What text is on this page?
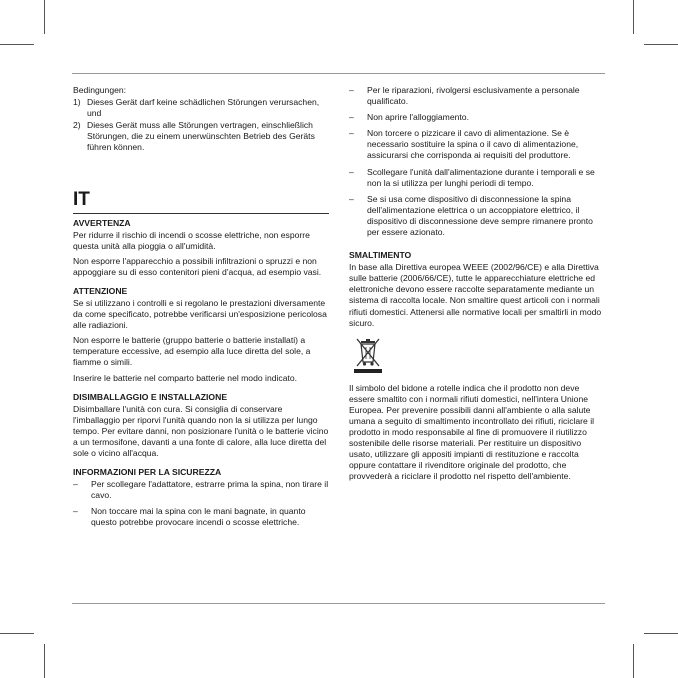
Bedingungen:

1) Dieses Gerät darf keine schädlichen Störungen verursachen, und
2) Dieses Gerät muss alle Störungen vertragen, einschließlich Störungen, die zu einem unerwünschten Betrieb des Geräts führen können.
IT
AVVERTENZA

Per ridurre il rischio di incendi o scosse elettriche, non esporre questa unità alla pioggia o all'umidità.

Non esporre l'apparecchio a possibili infiltrazioni o spruzzi e non appoggiare su di esso contenitori pieni d'acqua, ad esempio vasi.

ATTENZIONE

Se si utilizzano i controlli e si regolano le prestazioni diversamente da come specificato, potrebbe verificarsi un'esposizione pericolosa alle radiazioni.

Non esporre le batterie (gruppo batterie o batterie installati) a temperature eccessive, ad esempio alla luce diretta del sole, a fiamme o simili.

Inserire le batterie nel comparto batterie nel modo indicato.

DISIMBALLAGGIO E INSTALLAZIONE

Disimballare l'unità con cura. Si consiglia di conservare l'imballaggio per riporvi l'unità quando non la si utilizza per lungo tempo. Per evitare danni, non posizionare l'unità o le batterie vicino a un termosifone, davanti a una fonte di calore, alla luce diretta del sole o vicino all'acqua.

INFORMAZIONI PER LA SICUREZZA
–	Per scollegare l'adattatore, estrarre prima la spina, non tirare il cavo.
–	Non toccare mai la spina con le mani bagnate, in quanto questo potrebbe provocare incendi o scosse elettriche.
–	Per le riparazioni, rivolgersi esclusivamente a personale qualificato.
–	Non aprire l'alloggiamento.
–	Non torcere o pizzicare il cavo di alimentazione. Se è necessario sostituire la spina o il cavo di alimentazione, assicurarsi che corrisponda ai requisiti del produttore.
–	Scollegare l'unità dall'alimentazione durante i temporali e se non la si utilizza per lunghi periodi di tempo.
–	Se si usa come dispositivo di disconnessione la spina dell'alimentazione elettrica o un accoppiatore elettrico, il dispositivo di disconnessione deve sempre rimanere pronto per essere azionato.
SMALTIMENTO

In base alla Direttiva europea WEEE (2002/96/CE) e alla Direttiva sulle batterie (2006/66/CE), tutte le apparecchiature elettriche ed elettroniche devono essere raccolte separatamente mediante un sistema di raccolta locale. Non smaltire quest articoli con i normali rifiuti domestici. Attenersi alle normative locali per smaltirli in modo sicuro.

Il simbolo del bidone a rotelle indica che il prodotto non deve essere smaltito con i normali rifiuti domestici, nell'intera Unione Europea. Per prevenire possibili danni all'ambiente o alla salute umana a seguito di smaltimento incontrollato dei rifiuti, riciclare il prodotto in modo responsabile al fine di promuovere il riutilizzo sostenibile delle risorse materiali. Per restituire un dispositivo usato, utilizzare gli appositi impianti di restituzione e raccolta oppure contattare il rivenditore originale del prodotto, che provvederà a riciclare il prodotto nel rispetto dell'ambiente.
